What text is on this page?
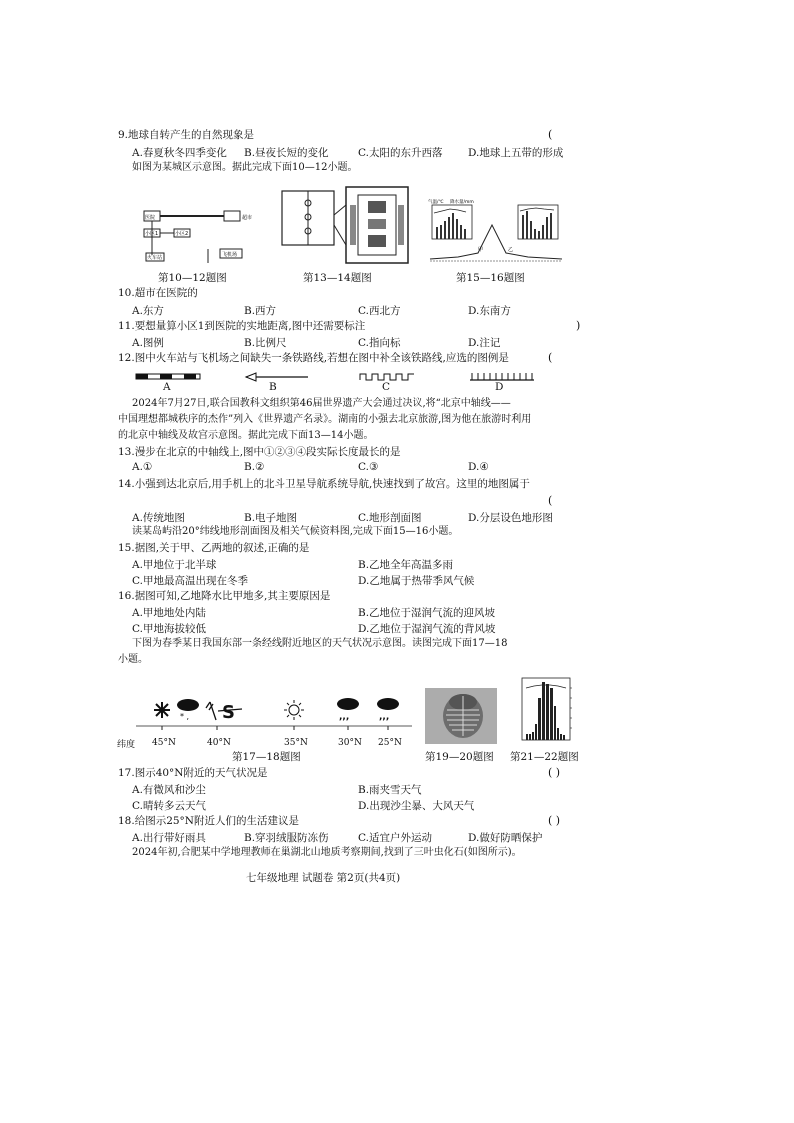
9.地球自转产生的自然现象是	(
A.春夏秋冬四季变化 B.昼夜长短的变化	C.太阳的东升西落 D.地球上五带的形成
如图为某城区示意图。据此完成下面10—12小题。
医院	超市
小区1	小区2
火车站	飞机场
气温/℃ 降水量/mm
甲	乙
第10—12题图	第13—14题图	第15—16题图
10.超市在医院的
A.东方	B.西方	C.西北方	D.东南方
11.要想量算小区1到医院的实地距离,图中还需要标注	)
A.图例	B.比例尺	C.指向标	D.注记
12.图中火车站与飞机场之间缺失一条铁路线,若想在图中补全该铁路线,应选的图例是	(
A	B	C	D
2024年7月27日,联合国教科文组织第46届世界遗产大会通过决议,将“北京中轴线——
中国理想都城秩序的杰作”列入《世界遗产名录》。湖南的小强去北京旅游,图为他在旅游时利用
的北京中轴线及故宫示意图。据此完成下面13—14小题。
13.漫步在北京的中轴线上,图中①②③④段实际长度最长的是
A.①	B.②	C.③	D.④
14.小强到达北京后,用手机上的北斗卫星导航系统导航,快速找到了故宫。这里的地图属于
(
A.传统地图	B.电子地图	C.地形剖面图	D.分层设色地形图
读某岛屿沿20°纬线地形剖面图及相关气候资料图,完成下面15—16小题。
15.据图,关于甲、乙两地的叙述,正确的是
A.甲地位于北半球	B.乙地全年高温多雨
C.甲地最高温出现在冬季	D.乙地属于热带季风气候
16.据图可知,乙地降水比甲地多,其主要原因是
A.甲地地处内陆	B.乙地位于湿润气流的迎风坡
C.甲地海拔较低	D.乙地位于湿润气流的背风坡
下图为春季某日我国东部一条经线附近地区的天气状况示意图。读图完成下面17—18
小题。
* , S	,,,	,,,
纬度 45°N	40°N	35°N	30°N 25°N
第17—18题图	第19—20题图 第21—22题图
17.图示40°N附近的天气状况是	( )
A.有微风和沙尘	B.雨夹雪天气
C.晴转多云天气	D.出现沙尘暴、大风天气
18.给图示25°N附近人们的生活建议是	( )
A.出行带好雨具	B.穿羽绒服防冻伤	C.适宜户外运动	D.做好防晒保护
2024年初,合肥某中学地理教师在巢湖北山地质考察期间,找到了三叶虫化石(如图所示)。
七年级地理 试题卷 第2页(共4页)
